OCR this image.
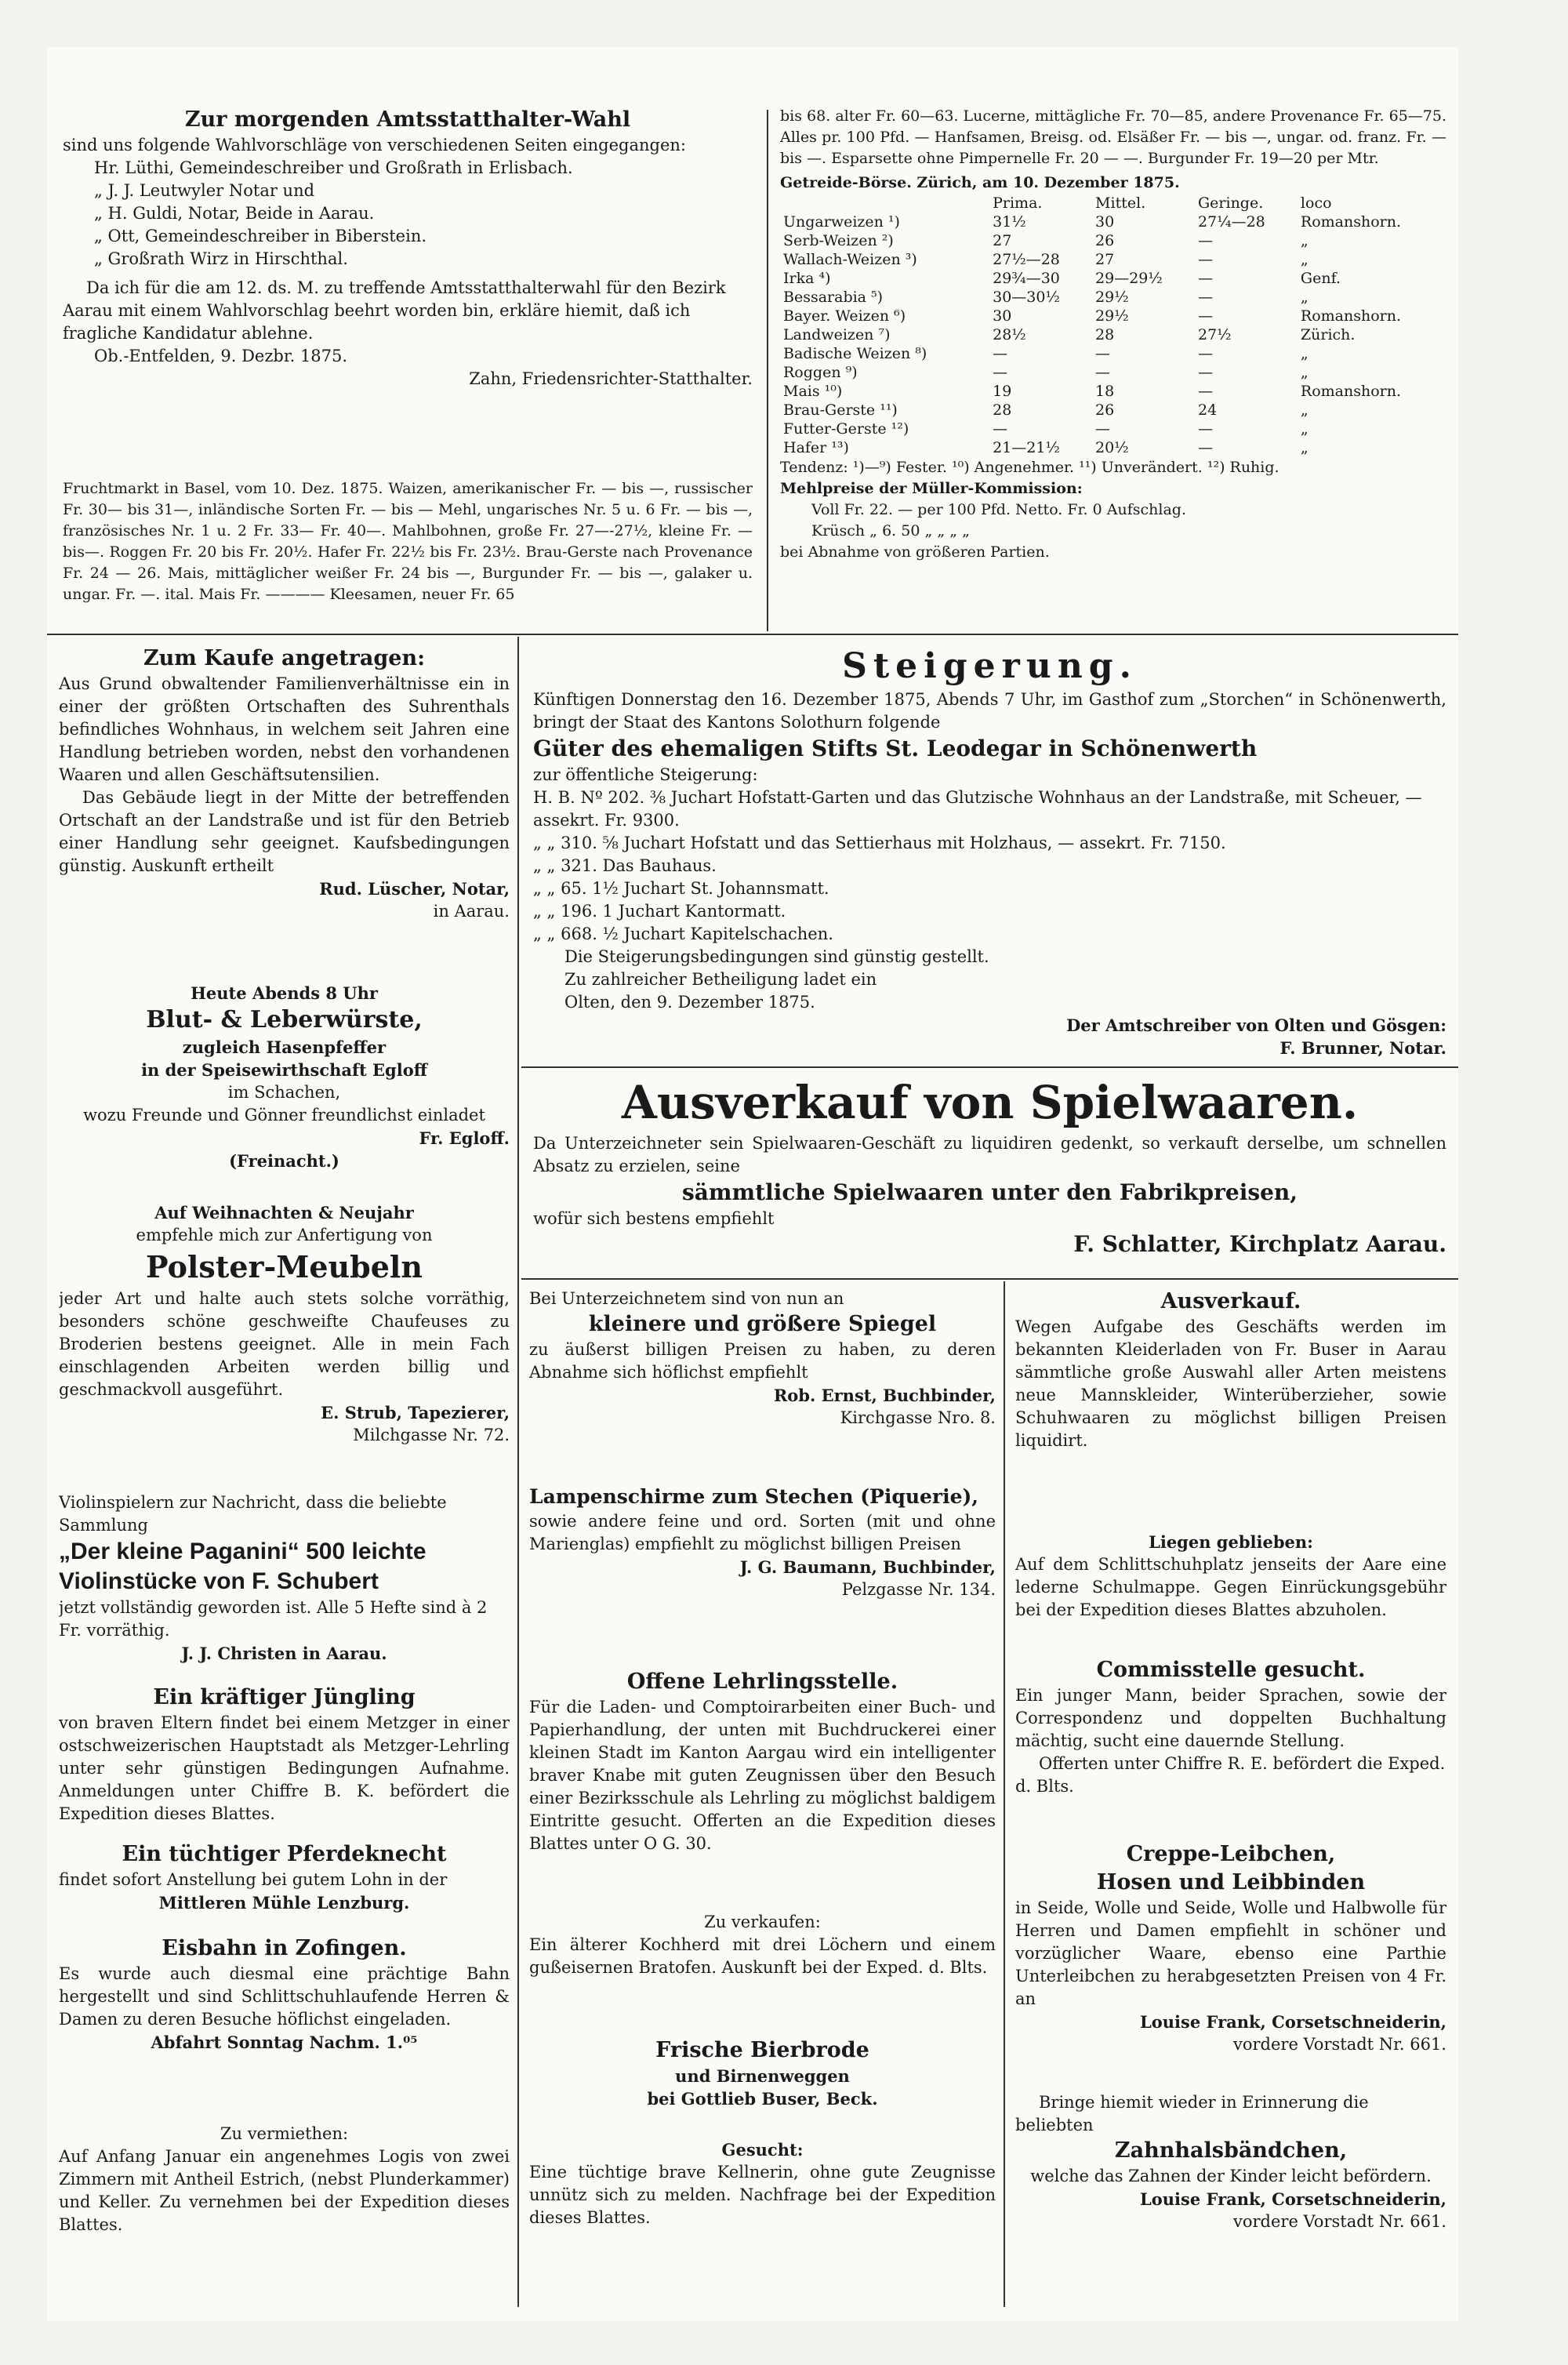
Zur morgenden Amtsstatthalter-Wahl

sind uns folgende Wahlvorschläge von verschiedenen Seiten eingegangen:

Hr. Lüthi, Gemeindeschreiber und Großrath in Erlisbach.

„ J. J. Leutwyler Notar und

„ H. Guldi, Notar, Beide in Aarau.

„ Ott, Gemeindeschreiber in Biberstein.

„ Großrath Wirz in Hirschthal.

Da ich für die am 12. ds. M. zu treffende Amtsstatthalterwahl für den Bezirk Aarau mit einem Wahlvorschlag beehrt worden bin, erkläre hiemit, daß ich fragliche Kandidatur ablehne.

Ob.-Entfelden, 9. Dezbr. 1875.

Zahn, Friedensrichter-Statthalter.

Fruchtmarkt in Basel, vom 10. Dez. 1875. Waizen, amerikanischer Fr. — bis —, russischer Fr. 30— bis 31—, inländische Sorten Fr. — bis — Mehl, ungarisches Nr. 5 u. 6 Fr. — bis —, französisches Nr. 1 u. 2 Fr. 33— Fr. 40—. Mahlbohnen, große Fr. 27—-27½, kleine Fr. — bis—. Roggen Fr. 20 bis Fr. 20½. Hafer Fr. 22½ bis Fr. 23½. Brau-Gerste nach Provenance Fr. 24 — 26. Mais, mittäglicher weißer Fr. 24 bis —, Burgunder Fr. — bis —, galaker u. ungar. Fr. —. ital. Mais Fr. ———— Kleesamen, neuer Fr. 65

bis 68. alter Fr. 60—63. Lucerne, mittägliche Fr. 70—85, andere Provenance Fr. 65—75. Alles pr. 100 Pfd. — Hanfsamen, Breisg. od. Elsäßer Fr. — bis —, ungar. od. franz. Fr. — bis —. Esparsette ohne Pimpernelle Fr. 20 — —. Burgunder Fr. 19—20 per Mtr.

Getreide-Börse. Zürich, am 10. Dezember 1875.

	Prima.	Mittel.	Geringe.	loco
Ungarweizen ¹)	31½	30	27¼—28	Romanshorn.
Serb-Weizen ²)	27	26	—	„
Wallach-Weizen ³)	27½—28	27	—	„
Irka ⁴)	29¾—30	29—29½	—	Genf.
Bessarabia ⁵)	30—30½	29½	—	„
Bayer. Weizen ⁶)	30	29½	—	Romanshorn.
Landweizen ⁷)	28½	28	27½	Zürich.
Badische Weizen ⁸)	—	—	—	„
Roggen ⁹)	—	—	—	„
Mais ¹⁰)	19	18	—	Romanshorn.
Brau-Gerste ¹¹)	28	26	24	„
Futter-Gerste ¹²)	—	—	—	„
Hafer ¹³)	21—21½	20½	—	„

Tendenz: ¹)—⁹) Fester. ¹⁰) Angenehmer. ¹¹) Unverändert. ¹²) Ruhig.

Mehlpreise der Müller-Kommission:

Voll Fr. 22. — per 100 Pfd. Netto. Fr. 0 Aufschlag.

Krüsch „ 6. 50 „ „ „ „

bei Abnahme von größeren Partien.

Zum Kaufe angetragen:

Aus Grund obwaltender Familienverhältnisse ein in einer der größten Ortschaften des Suhrenthals befindliches Wohnhaus, in welchem seit Jahren eine Handlung betrieben worden, nebst den vorhandenen Waaren und allen Geschäftsutensilien.

Das Gebäude liegt in der Mitte der betreffenden Ortschaft an der Landstraße und ist für den Betrieb einer Handlung sehr geeignet. Kaufsbedingungen günstig. Auskunft ertheilt

Rud. Lüscher, Notar,

in Aarau.

Heute Abends 8 Uhr

Blut- & Leberwürste,

zugleich Hasenpfeffer

in der Speisewirthschaft Egloff

im Schachen,

wozu Freunde und Gönner freundlichst einladet

Fr. Egloff.

(Freinacht.)

Auf Weihnachten & Neujahr

empfehle mich zur Anfertigung von

Polster-Meubeln

jeder Art und halte auch stets solche vorräthig, besonders schöne geschweifte Chaufeuses zu Broderien bestens geeignet. Alle in mein Fach einschlagenden Arbeiten werden billig und geschmackvoll ausgeführt.

E. Strub, Tapezierer,

Milchgasse Nr. 72.

Violinspielern zur Nachricht, dass die beliebte Sammlung

„Der kleine Paganini“ 500 leichte Violinstücke von F. Schubert

jetzt vollständig geworden ist. Alle 5 Hefte sind à 2 Fr. vorräthig.

J. J. Christen in Aarau.

Ein kräftiger Jüngling

von braven Eltern findet bei einem Metzger in einer ostschweizerischen Hauptstadt als Metzger-Lehrling unter sehr günstigen Bedingungen Aufnahme. Anmeldungen unter Chiffre B. K. befördert die Expedition dieses Blattes.

Ein tüchtiger Pferdeknecht

findet sofort Anstellung bei gutem Lohn in der

Mittleren Mühle Lenzburg.

Eisbahn in Zofingen.

Es wurde auch diesmal eine prächtige Bahn hergestellt und sind Schlittschuhlaufende Herren & Damen zu deren Besuche höflichst eingeladen.

Abfahrt Sonntag Nachm. 1.⁰⁵

Zu vermiethen:

Auf Anfang Januar ein angenehmes Logis von zwei Zimmern mit Antheil Estrich, (nebst Plunderkammer) und Keller. Zu vernehmen bei der Expedition dieses Blattes.

Steigerung.

Künftigen Donnerstag den 16. Dezember 1875, Abends 7 Uhr, im Gasthof zum „Storchen“ in Schönenwerth, bringt der Staat des Kantons Solothurn folgende

Güter des ehemaligen Stifts St. Leodegar in Schönenwerth

zur öffentliche Steigerung:

H. B. Nº 202. ⅜ Juchart Hofstatt-Garten und das Glutzische Wohnhaus an der Landstraße, mit Scheuer, — assekrt. Fr. 9300.

„ „ 310. ⅝ Juchart Hofstatt und das Settierhaus mit Holzhaus, — assekrt. Fr. 7150.

„ „ 321. Das Bauhaus.

„ „ 65. 1½ Juchart St. Johannsmatt.

„ „ 196. 1 Juchart Kantormatt.

„ „ 668. ½ Juchart Kapitelschachen.

Die Steigerungsbedingungen sind günstig gestellt.

Zu zahlreicher Betheiligung ladet ein

Olten, den 9. Dezember 1875.

Der Amtschreiber von Olten und Gösgen:

F. Brunner, Notar.

Ausverkauf von Spielwaaren.

Da Unterzeichneter sein Spielwaaren-Geschäft zu liquidiren gedenkt, so verkauft derselbe, um schnellen Absatz zu erzielen, seine

sämmtliche Spielwaaren unter den Fabrikpreisen,

wofür sich bestens empfiehlt

F. Schlatter, Kirchplatz Aarau.

Bei Unterzeichnetem sind von nun an

kleinere und größere Spiegel

zu äußerst billigen Preisen zu haben, zu deren Abnahme sich höflichst empfiehlt

Rob. Ernst, Buchbinder,

Kirchgasse Nro. 8.

Lampenschirme zum Stechen (Piquerie),

sowie andere feine und ord. Sorten (mit und ohne Marienglas) empfiehlt zu möglichst billigen Preisen

J. G. Baumann, Buchbinder,

Pelzgasse Nr. 134.

Offene Lehrlingsstelle.

Für die Laden- und Comptoirarbeiten einer Buch- und Papierhandlung, der unten mit Buchdruckerei einer kleinen Stadt im Kanton Aargau wird ein intelligenter braver Knabe mit guten Zeugnissen über den Besuch einer Bezirksschule als Lehrling zu möglichst baldigem Eintritte gesucht. Offerten an die Expedition dieses Blattes unter O G. 30.

Zu verkaufen:

Ein älterer Kochherd mit drei Löchern und einem gußeisernen Bratofen. Auskunft bei der Exped. d. Blts.

Frische Bierbrode

und Birnenweggen

bei Gottlieb Buser, Beck.

Gesucht:

Eine tüchtige brave Kellnerin, ohne gute Zeugnisse unnütz sich zu melden. Nachfrage bei der Expedition dieses Blattes.

Ausverkauf.

Wegen Aufgabe des Geschäfts werden im bekannten Kleiderladen von Fr. Buser in Aarau sämmtliche große Auswahl aller Arten meistens neue Mannskleider, Winterüberzieher, sowie Schuhwaaren zu möglichst billigen Preisen liquidirt.

Liegen geblieben:

Auf dem Schlittschuhplatz jenseits der Aare eine lederne Schulmappe. Gegen Einrückungsgebühr bei der Expedition dieses Blattes abzuholen.

Commisstelle gesucht.

Ein junger Mann, beider Sprachen, sowie der Correspondenz und doppelten Buchhaltung mächtig, sucht eine dauernde Stellung.

Offerten unter Chiffre R. E. befördert die Exped. d. Blts.

Creppe-Leibchen,

Hosen und Leibbinden

in Seide, Wolle und Seide, Wolle und Halbwolle für Herren und Damen empfiehlt in schöner und vorzüglicher Waare, ebenso eine Parthie Unterleibchen zu herabgesetzten Preisen von 4 Fr. an

Louise Frank, Corsetschneiderin,

vordere Vorstadt Nr. 661.

Bringe hiemit wieder in Erinnerung die beliebten

Zahnhalsbändchen,

welche das Zahnen der Kinder leicht befördern.

Louise Frank, Corsetschneiderin,

vordere Vorstadt Nr. 661.
